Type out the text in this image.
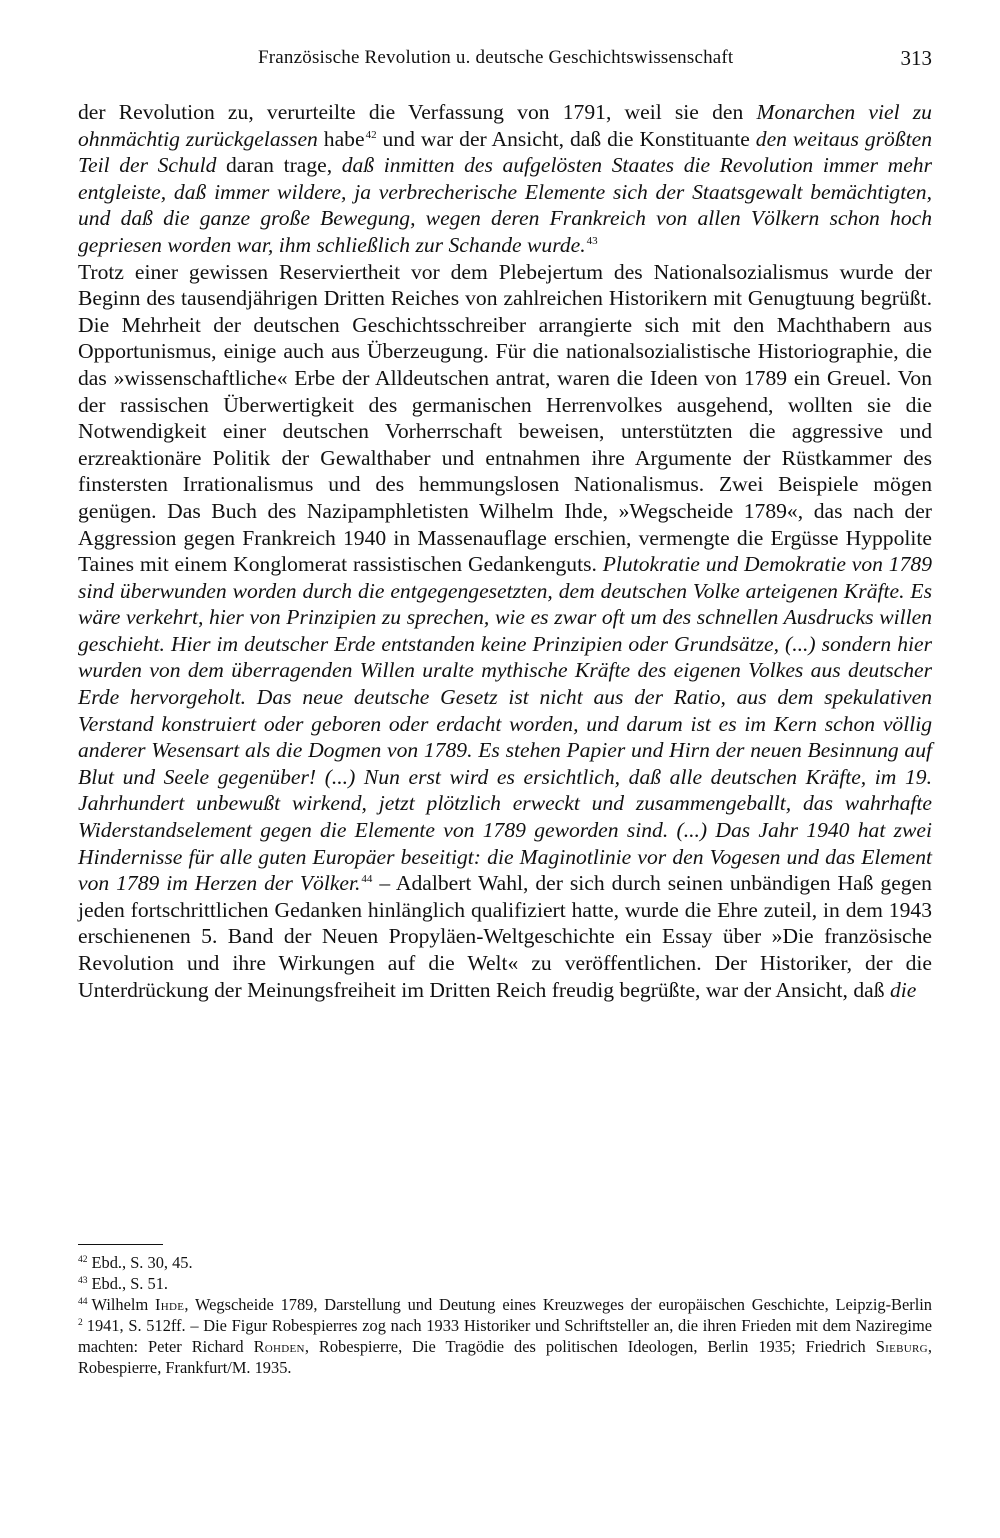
Französische Revolution u. deutsche Geschichtswissenschaft	313

der Revolution zu, verurteilte die Verfassung von 1791, weil sie den Monarchen viel zu ohnmächtig zurückgelassen habe$^{42}$ und war der Ansicht, daß die Konstituante den weitaus größten Teil der Schuld daran trage, daß inmitten des aufgelösten Staates die Revolution immer mehr entgleiste, daß immer wildere, ja verbrecherische Elemente sich der Staatsgewalt bemächtigten, und daß die ganze große Bewegung, wegen deren Frankreich von allen Völkern schon hoch gepriesen worden war, ihm schließlich zur Schande wurde.$^{43}$

Trotz einer gewissen Reserviertheit vor dem Plebejertum des Nationalsozialismus wurde der Beginn des tausendjährigen Dritten Reiches von zahlreichen Historikern mit Genugtuung begrüßt. Die Mehrheit der deutschen Geschichtsschreiber arrangierte sich mit den Machthabern aus Opportunismus, einige auch aus Überzeugung. Für die nationalsozialistische Historiographie, die das »wissenschaftliche« Erbe der Alldeutschen antrat, waren die Ideen von 1789 ein Greuel. Von der rassischen Überwertigkeit des germanischen Herrenvolkes ausgehend, wollten sie die Notwendigkeit einer deutschen Vorherrschaft beweisen, unterstützten die aggressive und erzreaktionäre Politik der Gewalthaber und entnahmen ihre Argumente der Rüstkammer des finstersten Irrationalismus und des hemmungslosen Nationalismus. Zwei Beispiele mögen genügen. Das Buch des Nazipamphletisten Wilhelm Ihde, »Wegscheide 1789«, das nach der Aggression gegen Frankreich 1940 in Massenauflage erschien, vermengte die Ergüsse Hyppolite Taines mit einem Konglomerat rassistischen Gedankenguts. Plutokratie und Demokratie von 1789 sind überwunden worden durch die entgegengesetzten, dem deutschen Volke arteigenen Kräfte. Es wäre verkehrt, hier von Prinzipien zu sprechen, wie es zwar oft um des schnellen Ausdrucks willen geschieht. Hier im deutscher Erde entstanden keine Prinzipien oder Grundsätze, (...) sondern hier wurden von dem überragenden Willen uralte mythische Kräfte des eigenen Volkes aus deutscher Erde hervorgeholt. Das neue deutsche Gesetz ist nicht aus der Ratio, aus dem spekulativen Verstand konstruiert oder geboren oder erdacht worden, und darum ist es im Kern schon völlig anderer Wesensart als die Dogmen von 1789. Es stehen Papier und Hirn der neuen Besinnung auf Blut und Seele gegenüber! (...) Nun erst wird es ersichtlich, daß alle deutschen Kräfte, im 19. Jahrhundert unbewußt wirkend, jetzt plötzlich erweckt und zusammengeballt, das wahrhafte Widerstandselement gegen die Elemente von 1789 geworden sind. (...) Das Jahr 1940 hat zwei Hindernisse für alle guten Europäer beseitigt: die Maginotlinie vor den Vogesen und das Element von 1789 im Herzen der Völker.$^{44}$ – Adalbert Wahl, der sich durch seinen unbändigen Haß gegen jeden fortschrittlichen Gedanken hinlänglich qualifiziert hatte, wurde die Ehre zuteil, in dem 1943 erschienenen 5. Band der Neuen Propyläen-Weltgeschichte ein Essay über »Die französische Revolution und ihre Wirkungen auf die Welt« zu veröffentlichen. Der Historiker, der die Unterdrückung der Meinungsfreiheit im Dritten Reich freudig begrüßte, war der Ansicht, daß die

$^{42}$ Ebd., S. 30, 45.

$^{43}$ Ebd., S. 51.

$^{44}$ Wilhelm Ihde, Wegscheide 1789, Darstellung und Deutung eines Kreuzweges der europäischen Geschichte, Leipzig-Berlin $^2$ 1941, S. 512ff. – Die Figur Robespierres zog nach 1933 Historiker und Schriftsteller an, die ihren Frieden mit dem Naziregime machten: Peter Richard Rohden, Robespierre, Die Tragödie des politischen Ideologen, Berlin 1935; Friedrich Sieburg, Robespierre, Frankfurt/M. 1935.
